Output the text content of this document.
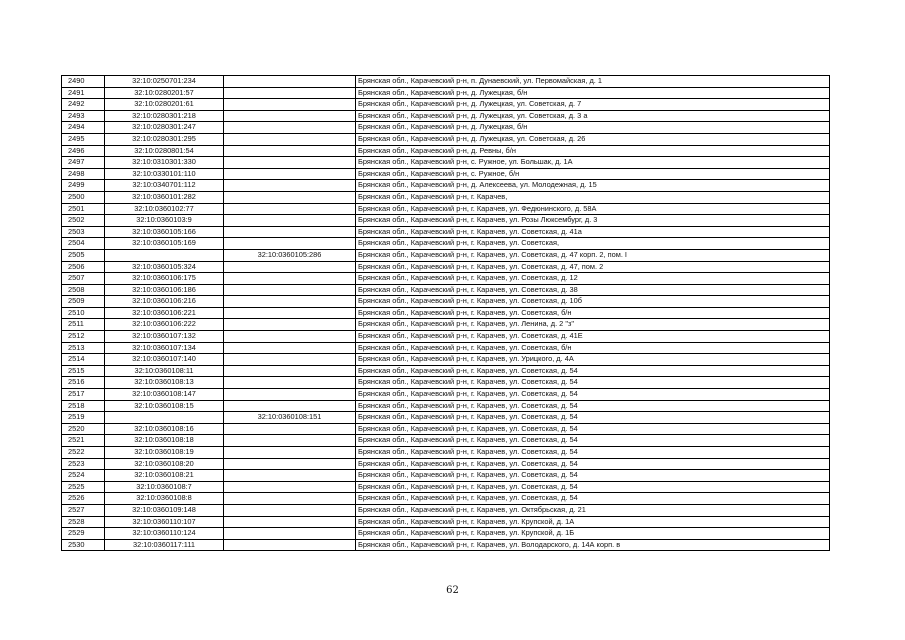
2490	32:10:0250701:234		Брянская обл., Карачевский р-н, п. Дунаевский, ул. Первомайская, д. 1
2491	32:10:0280201:57		Брянская обл., Карачевский р-н, д. Лужецкая, б/н
2492	32:10:0280201:61		Брянская обл., Карачевский р-н, д. Лужецкая, ул. Советская, д. 7
2493	32:10:0280301:218		Брянская обл., Карачевский р-н, д. Лужецкая, ул. Советская, д. 3 а
2494	32:10:0280301:247		Брянская обл., Карачевский р-н, д. Лужецкая, б/н
2495	32:10:0280301:295		Брянская обл., Карачевский р-н, д. Лужецкая, ул. Советская, д. 26
2496	32:10:0280801:54		Брянская обл., Карачевский р-н, д. Ревны, б/н
2497	32:10:0310301:330		Брянская обл., Карачевский р-н, с. Ружное, ул. Большак, д. 1А
2498	32:10:0330101:110		Брянская обл., Карачевский р-н, с. Ружное, б/н
2499	32:10:0340701:112		Брянская обл., Карачевский р-н, д. Алексеева, ул. Молодежная, д. 15
2500	32:10:0360101:282		Брянская обл., Карачевский р-н, г. Карачев,
2501	32:10:0360102:77		Брянская обл., Карачевский р-н, г. Карачев, ул. Федюнинского, д. 58А
2502	32:10:0360103:9		Брянская обл., Карачевский р-н, г. Карачев, ул. Розы Люксембург, д. 3
2503	32:10:0360105:166		Брянская обл., Карачевский р-н, г. Карачев, ул. Советская, д. 41а
2504	32:10:0360105:169		Брянская обл., Карачевский р-н, г. Карачев, ул. Советская,
2505		32:10:0360105:286	Брянская обл., Карачевский р-н, г. Карачев, ул. Советская, д. 47 корп. 2, пом. I
2506	32:10:0360105:324		Брянская обл., Карачевский р-н, г. Карачев, ул. Советская, д. 47, пом. 2
2507	32:10:0360106:175		Брянская обл., Карачевский р-н, г. Карачев, ул. Советская, д. 12
2508	32:10:0360106:186		Брянская обл., Карачевский р-н, г. Карачев, ул. Советская, д. 38
2509	32:10:0360106:216		Брянская обл., Карачевский р-н, г. Карачев, ул. Советская, д. 10б
2510	32:10:0360106:221		Брянская обл., Карачевский р-н, г. Карачев, ул. Советская, б/н
2511	32:10:0360106:222		Брянская обл., Карачевский р-н, г. Карачев, ул. Ленина, д. 2 "з"
2512	32:10:0360107:132		Брянская обл., Карачевский р-н, г. Карачев, ул. Советская, д. 41Е
2513	32:10:0360107:134		Брянская обл., Карачевский р-н, г. Карачев, ул. Советская, б/н
2514	32:10:0360107:140		Брянская обл., Карачевский р-н, г. Карачев, ул. Урицкого, д. 4А
2515	32:10:0360108:11		Брянская обл., Карачевский р-н, г. Карачев, ул. Советская, д. 54
2516	32:10:0360108:13		Брянская обл., Карачевский р-н, г. Карачев, ул. Советская, д. 54
2517	32:10:0360108:147		Брянская обл., Карачевский р-н, г. Карачев, ул. Советская, д. 54
2518	32:10:0360108:15		Брянская обл., Карачевский р-н, г. Карачев, ул. Советская, д. 54
2519		32:10:0360108:151	Брянская обл., Карачевский р-н, г. Карачев, ул. Советская, д. 54
2520	32:10:0360108:16		Брянская обл., Карачевский р-н, г. Карачев, ул. Советская, д. 54
2521	32:10:0360108:18		Брянская обл., Карачевский р-н, г. Карачев, ул. Советская, д. 54
2522	32:10:0360108:19		Брянская обл., Карачевский р-н, г. Карачев, ул. Советская, д. 54
2523	32:10:0360108:20		Брянская обл., Карачевский р-н, г. Карачев, ул. Советская, д. 54
2524	32:10:0360108:21		Брянская обл., Карачевский р-н, г. Карачев, ул. Советская, д. 54
2525	32:10:0360108:7		Брянская обл., Карачевский р-н, г. Карачев, ул. Советская, д. 54
2526	32:10:0360108:8		Брянская обл., Карачевский р-н, г. Карачев, ул. Советская, д. 54
2527	32:10:0360109:148		Брянская обл., Карачевский р-н, г. Карачев, ул. Октябрьская, д. 21
2528	32:10:0360110:107		Брянская обл., Карачевский р-н, г. Карачев, ул. Крупской, д. 1А
2529	32:10:0360110:124		Брянская обл., Карачевский р-н, г. Карачев, ул. Крупской, д. 1Б
2530	32:10:0360117:111		Брянская обл., Карачевский р-н, г. Карачев, ул. Володарского, д. 14А корп. в
62
